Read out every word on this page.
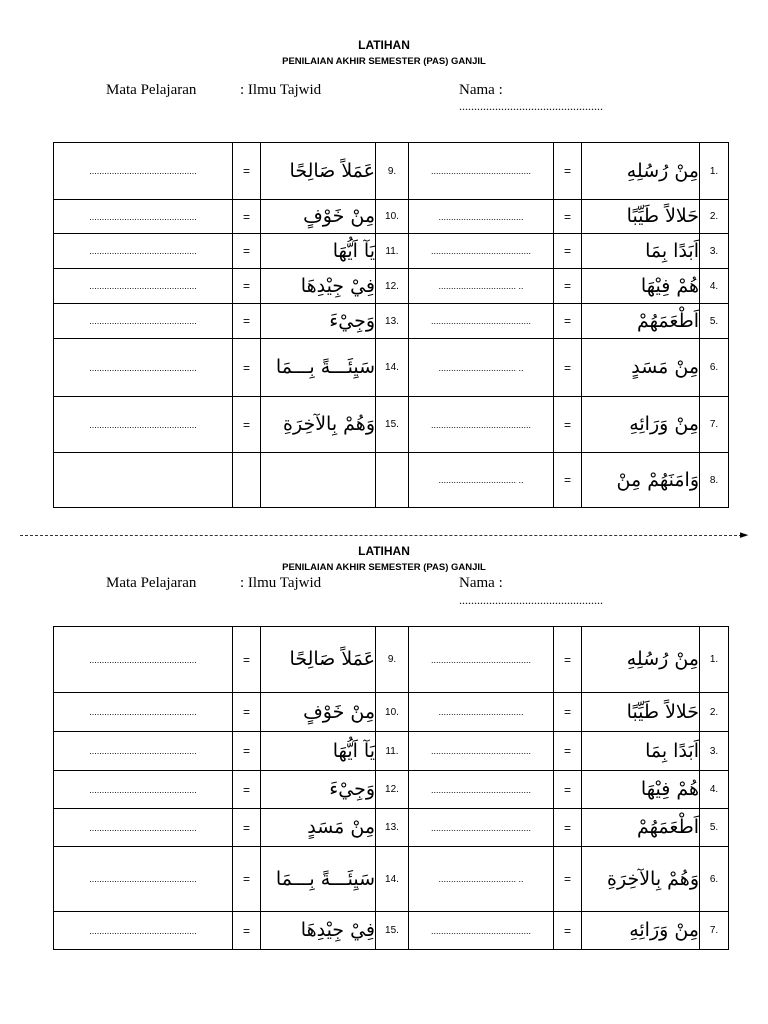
LATIHAN
PENILAIAN AKHIR SEMESTER (PAS) GANJIL
Mata Pelajaran	: Ilmu Tajwid	Nama :
................................................
...........................................	=	عَمَلاً صَالِحًا	9.	........................................	=	مِنْ رُسُلِهِ	1.
...........................................	=	مِنْ خَوْفٍ	10.	..................................	=	حَلالاً طَيِّبًا	2.
...........................................	=	يَآ اَيُّهَا	11.	........................................	=	اَبَدًا بِمَا	3.
...........................................	=	فِيْ جِيْدِهَا	12.	............................... ..	=	هُمْ فِيْهَا	4.
...........................................	=	وَجِيْءَ	13.	........................................	=	اَطْعَمَهُمْ	5.
...........................................	=	سَيِئَـــةً بِـــمَا	14.	............................... ..	=	مِنْ مَسَدٍ	6.
...........................................	=	وَهُمْ بِالآخِرَةِ	15.	........................................	=	مِنْ وَرَائِهِ	7.
				............................... ..	=	وَامَنَهُمْ مِنْ	8.
►
LATIHAN
PENILAIAN AKHIR SEMESTER (PAS) GANJIL
Mata Pelajaran	: Ilmu Tajwid	Nama :
................................................
...........................................	=	عَمَلاً صَالِحًا	9.	........................................	=	مِنْ رُسُلِهِ	1.
...........................................	=	مِنْ خَوْفٍ	10.	..................................	=	حَلالاً طَيِّبًا	2.
...........................................	=	يَآ اَيُّهَا	11.	........................................	=	اَبَدًا بِمَا	3.
...........................................	=	وَجِيْءَ	12.	........................................	=	هُمْ فِيْهَا	4.
...........................................	=	مِنْ مَسَدٍ	13.	........................................	=	اَطْعَمَهُمْ	5.
...........................................	=	سَيِئَـــةً بِـــمَا	14.	............................... ..	=	وَهُمْ بِالآخِرَةِ	6.
...........................................	=	فِيْ جِيْدِهَا	15.	........................................	=	مِنْ وَرَائِهِ	7.
